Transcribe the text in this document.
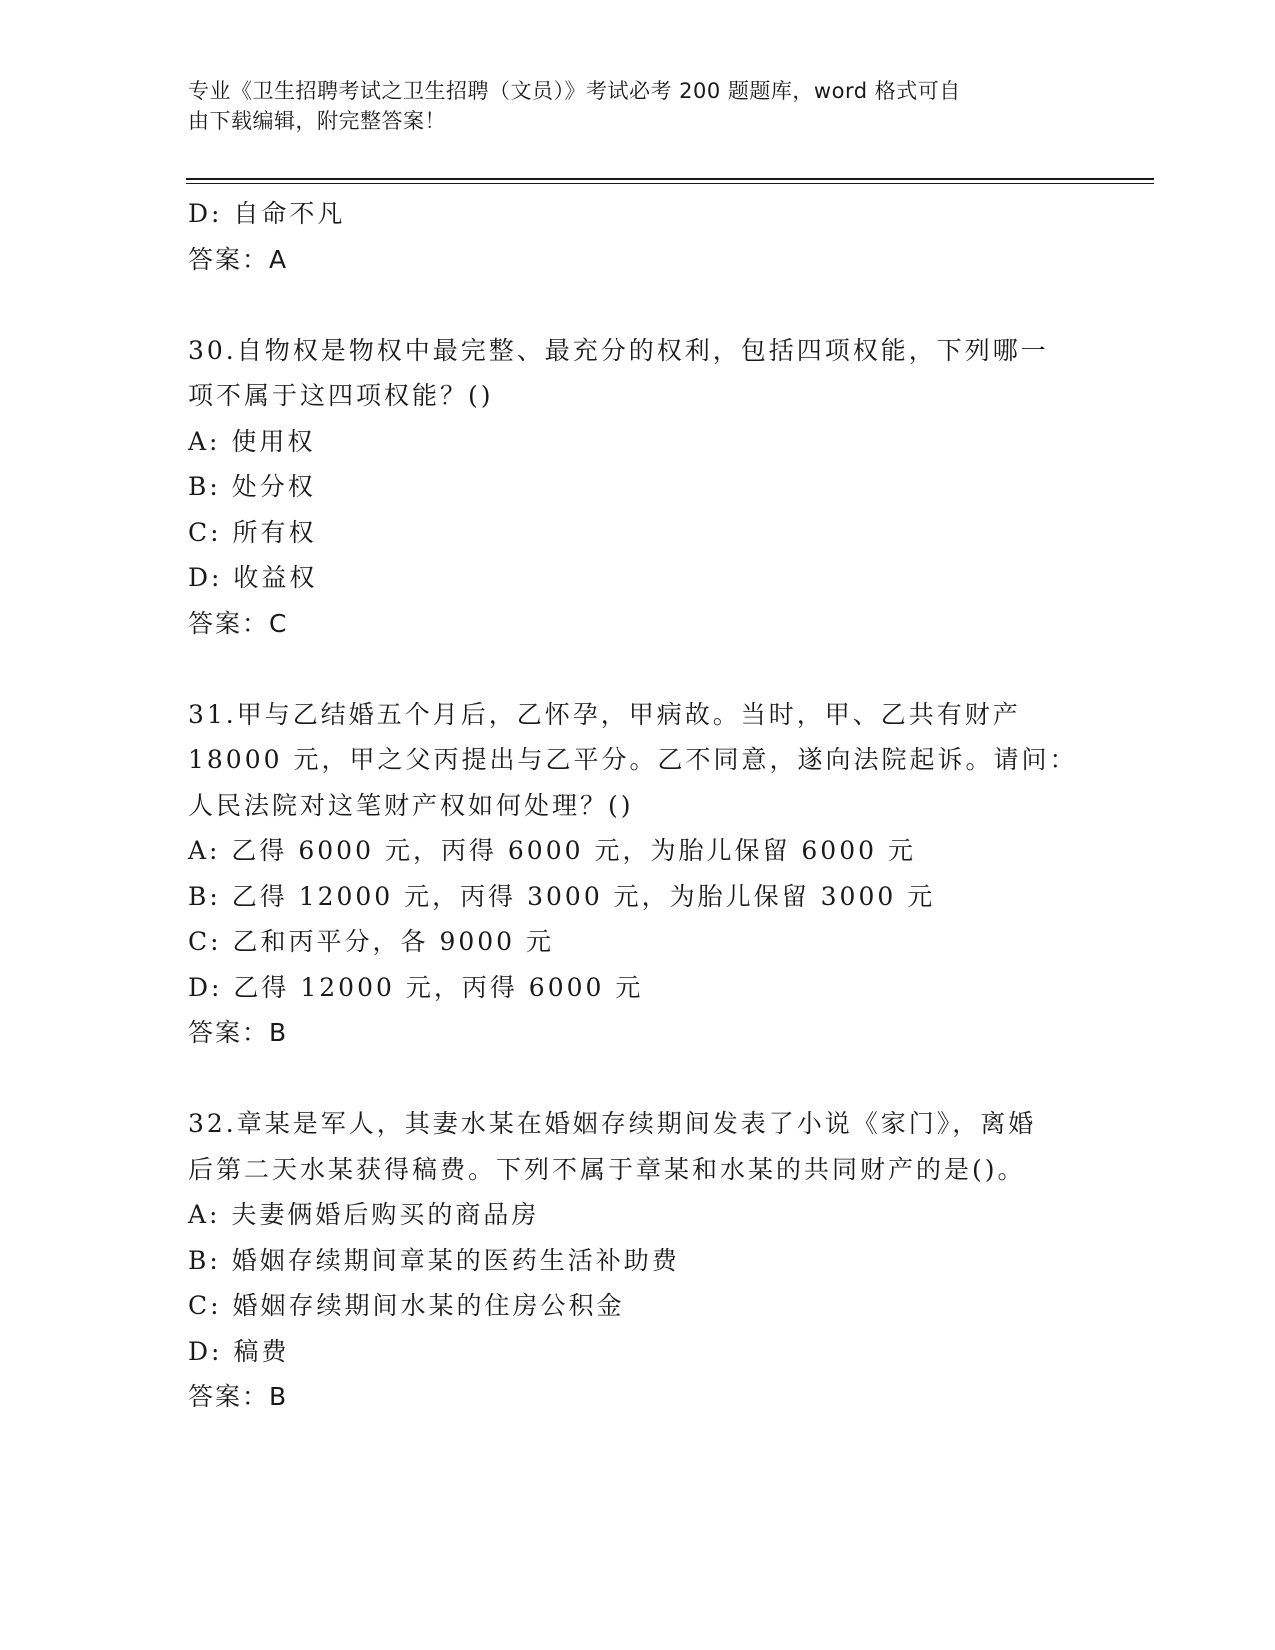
专业《卫生招聘考试之卫生招聘（文员）》考试必考 200 题题库，word 格式可自
由下载编辑，附完整答案！
D: 自命不凡
答案：A
30.自物权是物权中最完整、最充分的权利，包括四项权能，下列哪一
项不属于这四项权能？()
A: 使用权
B: 处分权
C: 所有权
D: 收益权
答案：C
31.甲与乙结婚五个月后，乙怀孕，甲病故。当时，甲、乙共有财产
18000 元，甲之父丙提出与乙平分。乙不同意，遂向法院起诉。请问：
人民法院对这笔财产权如何处理？()
A: 乙得 6000 元，丙得 6000 元，为胎儿保留 6000 元
B: 乙得 12000 元，丙得 3000 元，为胎儿保留 3000 元
C: 乙和丙平分，各 9000 元
D: 乙得 12000 元，丙得 6000 元
答案：B
32.章某是军人，其妻水某在婚姻存续期间发表了小说《家门》，离婚
后第二天水某获得稿费。下列不属于章某和水某的共同财产的是()。
A: 夫妻俩婚后购买的商品房
B: 婚姻存续期间章某的医药生活补助费
C: 婚姻存续期间水某的住房公积金
D: 稿费
答案：B
